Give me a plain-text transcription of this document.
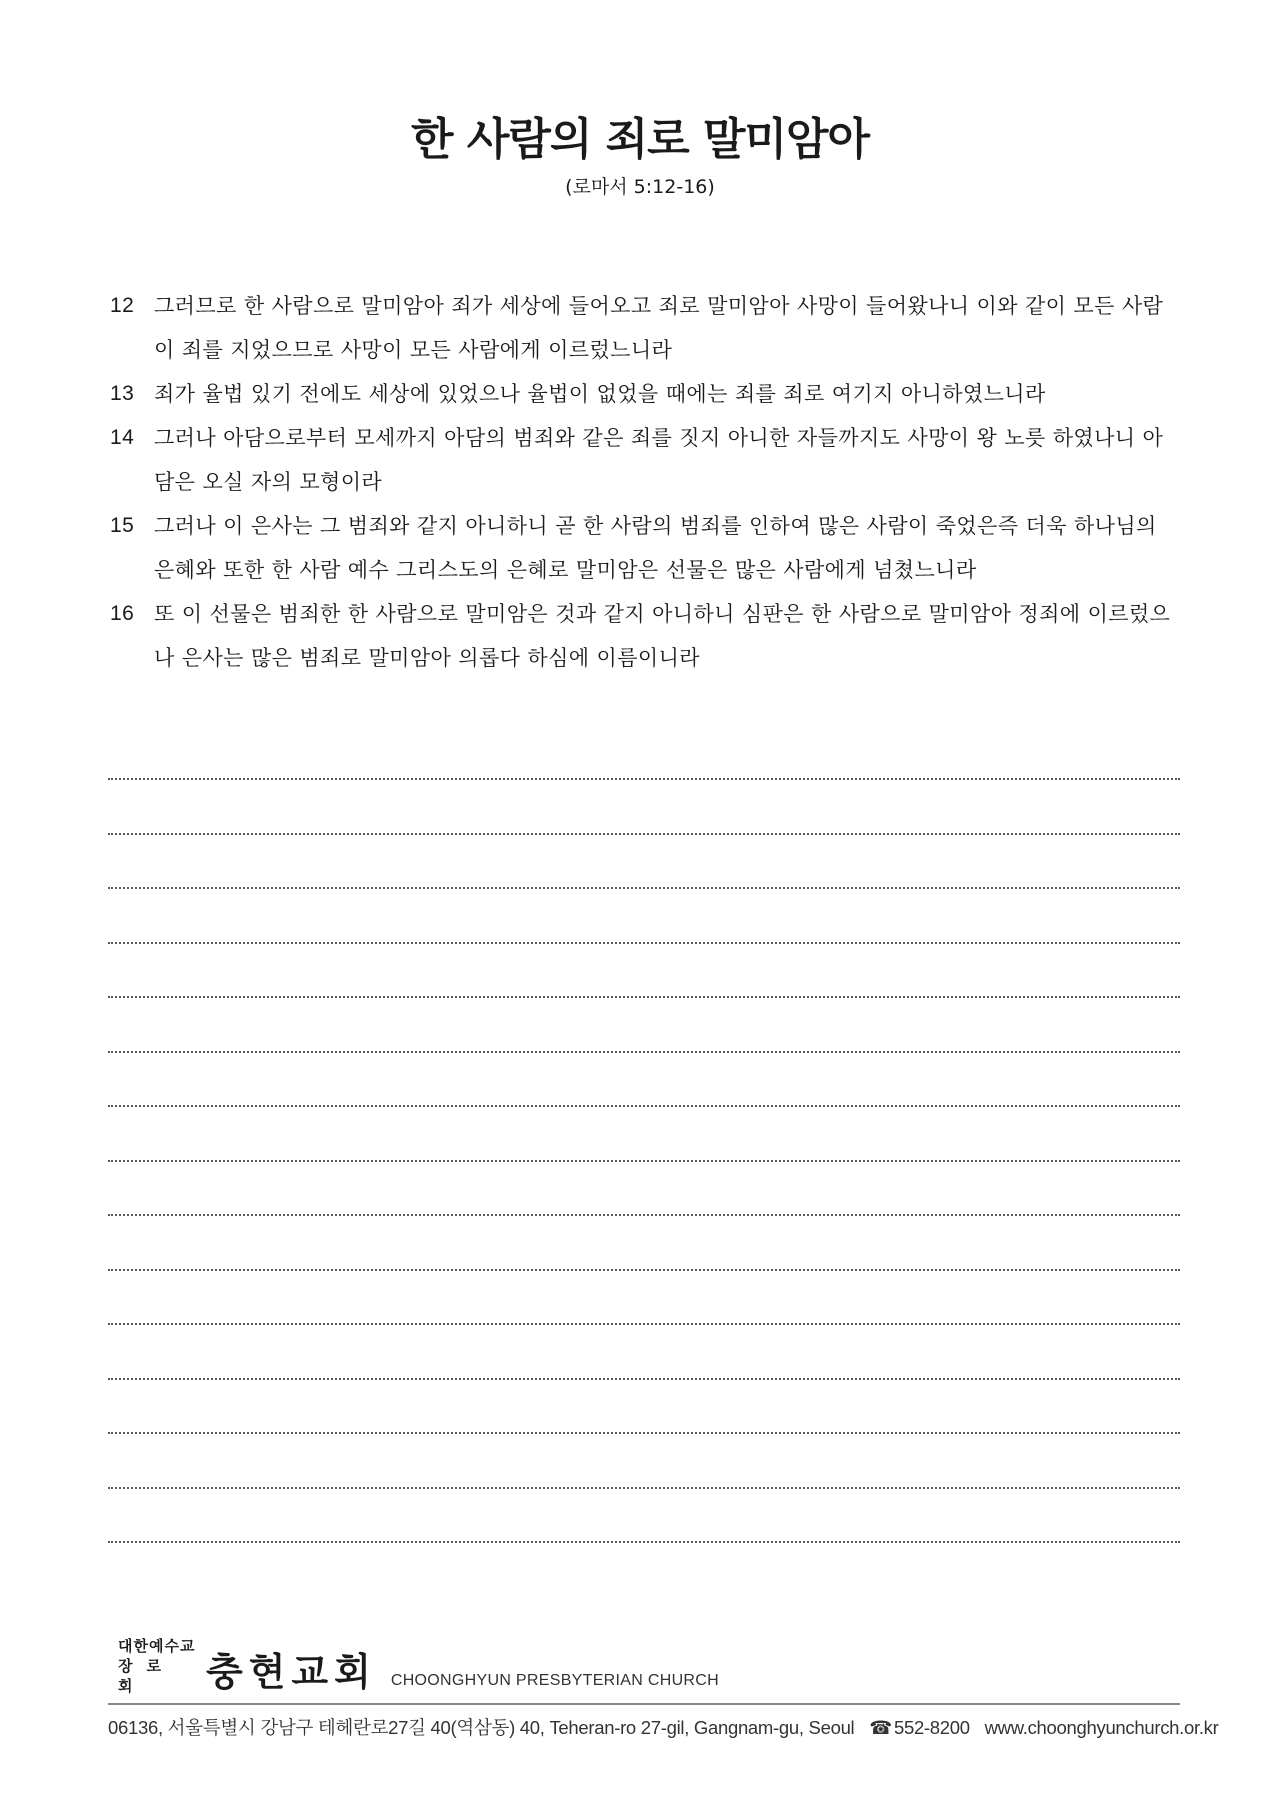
한 사람의 죄로 말미암아
(로마서 5:12-16)
12 그러므로 한 사람으로 말미암아 죄가 세상에 들어오고 죄로 말미암아 사망이 들어왔나니 이와 같이 모든 사람이 죄를 지었으므로 사망이 모든 사람에게 이르렀느니라
13 죄가 율법 있기 전에도 세상에 있었으나 율법이 없었을 때에는 죄를 죄로 여기지 아니하였느니라
14 그러나 아담으로부터 모세까지 아담의 범죄와 같은 죄를 짓지 아니한 자들까지도 사망이 왕 노릇 하였나니 아담은 오실 자의 모형이라
15 그러나 이 은사는 그 범죄와 같지 아니하니 곧 한 사람의 범죄를 인하여 많은 사람이 죽었은즉 더욱 하나님의 은혜와 또한 한 사람 예수 그리스도의 은혜로 말미암은 선물은 많은 사람에게 넘쳤느니라
16 또 이 선물은 범죄한 한 사람으로 말미암은 것과 같지 아니하니 심판은 한 사람으로 말미암아 정죄에 이르렀으나 은사는 많은 범죄로 말미암아 의롭다 하심에 이름이니라
대한예수교
장로회	충현교회 CHOONGHYUN PRESBYTERIAN CHURCH
06136, 서울특별시 강남구 테헤란로27길 40(역삼동) 40, Teheran-ro 27-gil, Gangnam-gu, Seoul ☎ 552-8200 www.choonghyunchurch.or.kr
